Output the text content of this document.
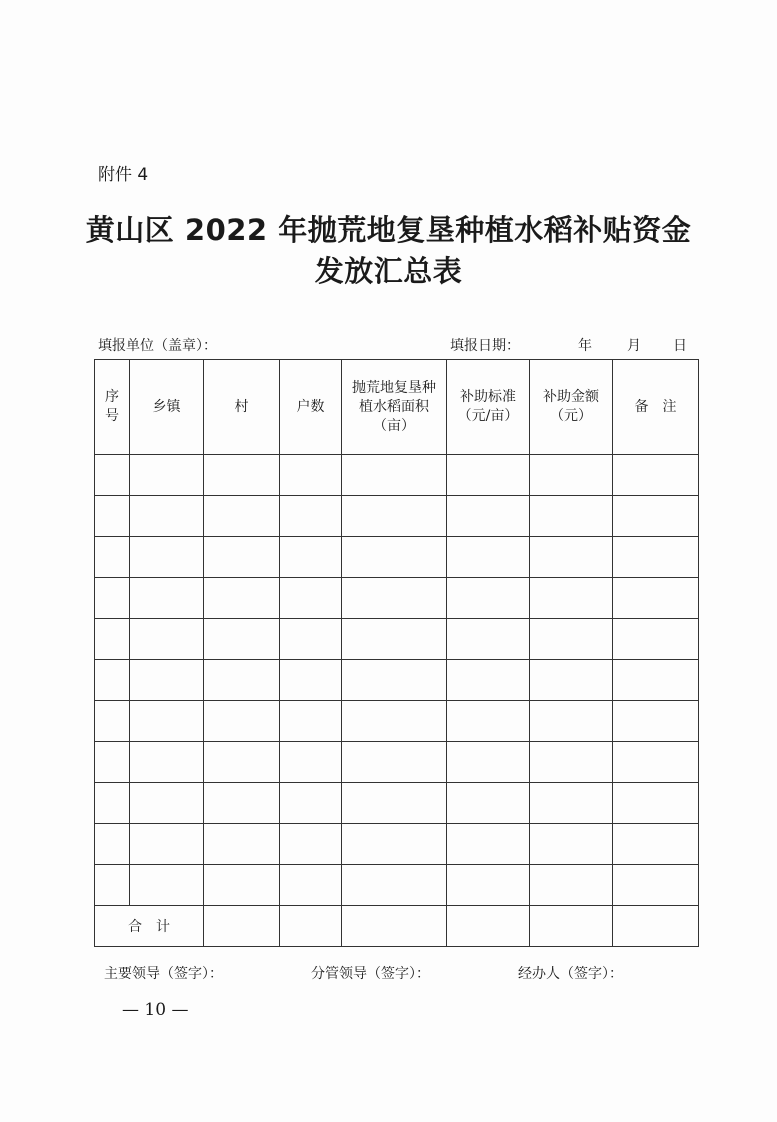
附件 4
黄山区 2022 年抛荒地复垦种植水稻补贴资金
发放汇总表
填报单位（盖章）：	填报日期：	年	月 日
序号	乡镇	村	户数	抛荒地复垦种植水稻面积（亩）	补助标准（元/亩）	补助金额（元）	备　注

合　计							
主要领导（签字）：	分管领导（签字）：	经办人（签字）：
— 10 —
